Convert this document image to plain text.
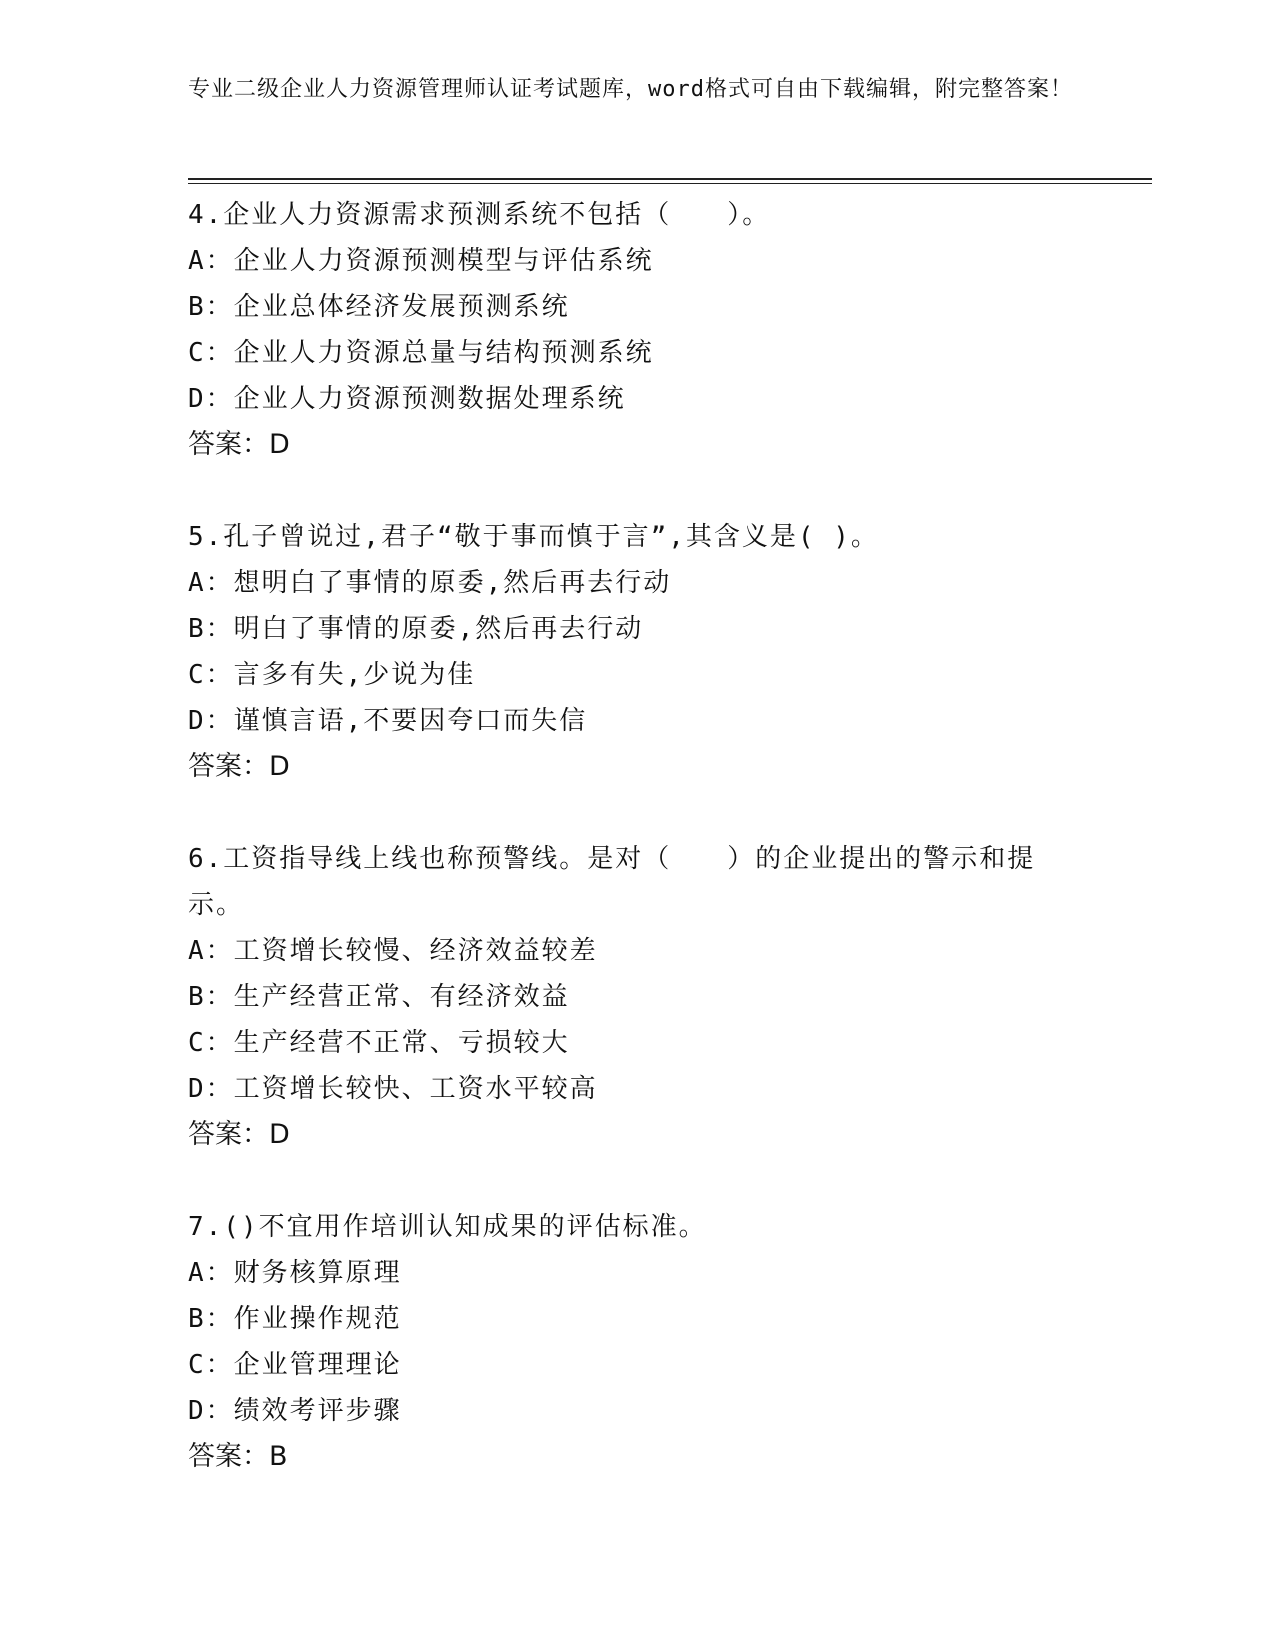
专业二级企业人力资源管理师认证考试题库，word格式可自由下载编辑，附完整答案！
4.企业人力资源需求预测系统不包括（　　）。
A：企业人力资源预测模型与评估系统
B：企业总体经济发展预测系统
C：企业人力资源总量与结构预测系统
D：企业人力资源预测数据处理系统
答案：D
5.孔子曾说过,君子“敬于事而慎于言”,其含义是( )。
A：想明白了事情的原委,然后再去行动
B：明白了事情的原委,然后再去行动
C：言多有失,少说为佳
D：谨慎言语,不要因夸口而失信
答案：D
6.工资指导线上线也称预警线。是对（　　）的企业提出的警示和提示。
A：工资增长较慢、经济效益较差
B：生产经营正常、有经济效益
C：生产经营不正常、亏损较大
D：工资增长较快、工资水平较高
答案：D
7.()不宜用作培训认知成果的评估标准。
A：财务核算原理
B：作业操作规范
C：企业管理理论
D：绩效考评步骤
答案：B
